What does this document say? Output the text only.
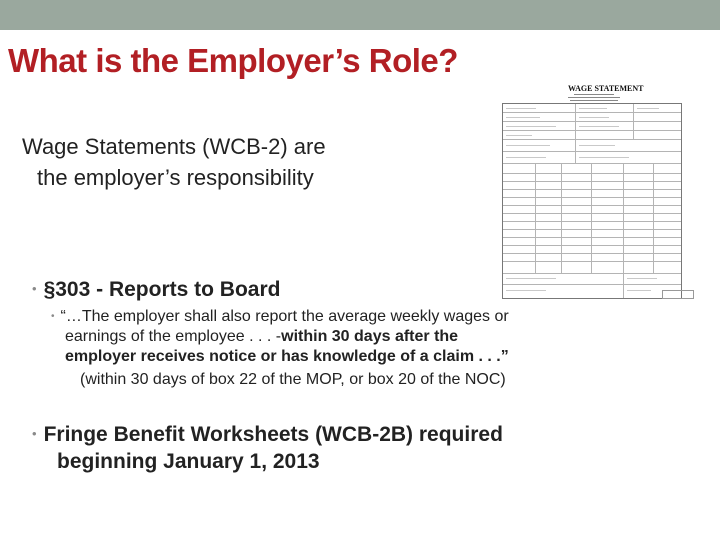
What is the Employer’s Role?
Wage Statements (WCB-2) are
the employer’s responsibility
• §303 - Reports to Board
• “…The employer shall also report the average weekly wages or
earnings of the employee . . . -within 30 days after the
employer receives notice or has knowledge of a claim . . .”
(within 30 days of box 22 of the MOP, or box 20 of the NOC)
• Fringe Benefit Worksheets (WCB-2B) required
beginning January 1, 2013
WAGE STATEMENT
